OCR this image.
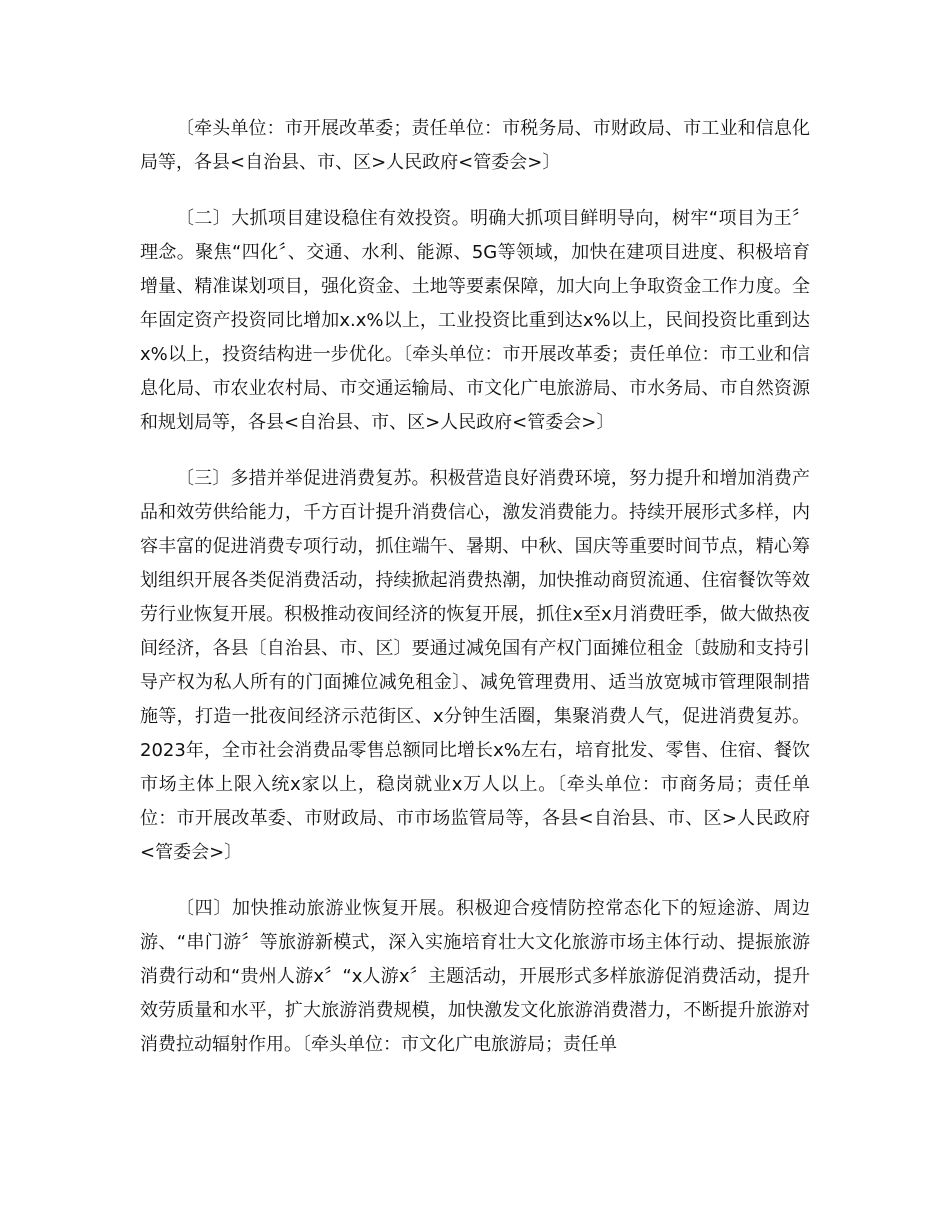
〔牵头单位：市开展改革委；责任单位：市税务局、市财政局、市工业和信息化局等，各县<自治县、市、区>人民政府<管委会>〕

〔二〕大抓项目建设稳住有效投资。明确大抓项目鲜明导向，树牢“项目为王〞理念。聚焦“四化〞、交通、水利、能源、5G等领域，加快在建项目进度、积极培育增量、精准谋划项目，强化资金、土地等要素保障，加大向上争取资金工作力度。全年固定资产投资同比增加x.x%以上，工业投资比重到达x%以上，民间投资比重到达x%以上，投资结构进一步优化。〔牵头单位：市开展改革委；责任单位：市工业和信息化局、市农业农村局、市交通运输局、市文化广电旅游局、市水务局、市自然资源和规划局等，各县<自治县、市、区>人民政府<管委会>〕

〔三〕多措并举促进消费复苏。积极营造良好消费环境，努力提升和增加消费产品和效劳供给能力，千方百计提升消费信心，激发消费能力。持续开展形式多样，内容丰富的促进消费专项行动，抓住端午、暑期、中秋、国庆等重要时间节点，精心筹划组织开展各类促消费活动，持续掀起消费热潮，加快推动商贸流通、住宿餐饮等效劳行业恢复开展。积极推动夜间经济的恢复开展，抓住x至x月消费旺季，做大做热夜间经济，各县〔自治县、市、区〕要通过减免国有产权门面摊位租金〔鼓励和支持引导产权为私人所有的门面摊位减免租金〕、减免管理费用、适当放宽城市管理限制措施等，打造一批夜间经济示范街区、x分钟生活圈，集聚消费人气，促进消费复苏。2023年，全市社会消费品零售总额同比增长x%左右，培育批发、零售、住宿、餐饮市场主体上限入统x家以上，稳岗就业x万人以上。〔牵头单位：市商务局；责任单位：市开展改革委、市财政局、市市场监管局等，各县<自治县、市、区>人民政府<管委会>〕

〔四〕加快推动旅游业恢复开展。积极迎合疫情防控常态化下的短途游、周边游、“串门游〞等旅游新模式，深入实施培育壮大文化旅游市场主体行动、提振旅游消费行动和“贵州人游x〞“x人游x〞主题活动，开展形式多样旅游促消费活动，提升效劳质量和水平，扩大旅游消费规模，加快激发文化旅游消费潜力，不断提升旅游对消费拉动辐射作用。〔牵头单位：市文化广电旅游局；责任单
